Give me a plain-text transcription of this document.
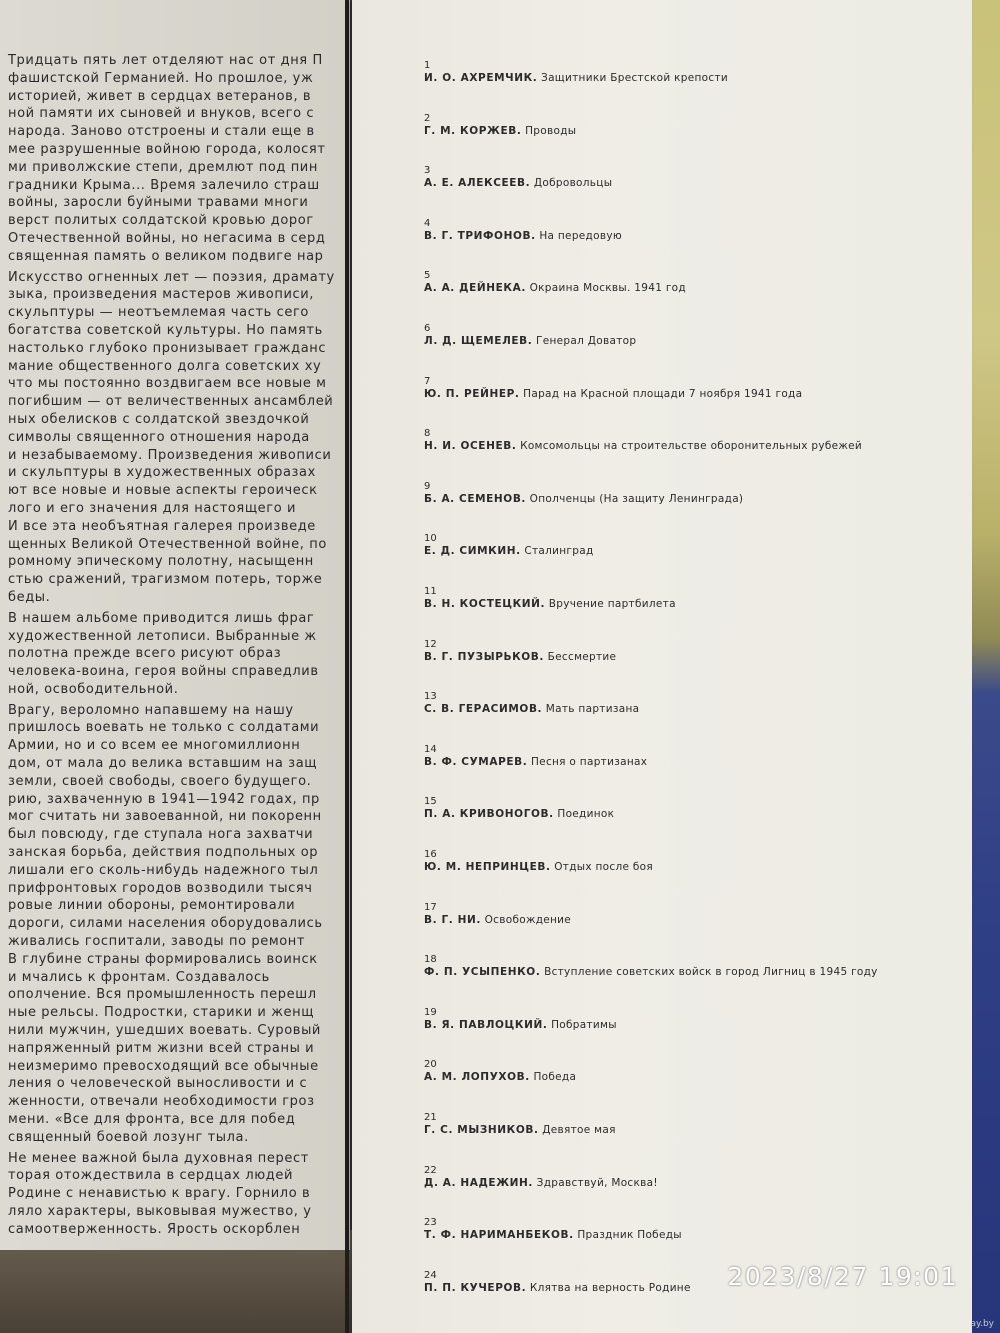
Тридцать пять лет отделяют нас от дня П
фашистской Германией. Но прошлое, уж
историей, живет в сердцах ветеранов, в
ной памяти их сыновей и внуков, всего с
народа. Заново отстроены и стали еще в
мее разрушенные войною города, колосят
ми приволжские степи, дремлют под пин
градники Крыма... Время залечило страш
войны, заросли буйными травами многи
верст политых солдатской кровью дорог
Отечественной войны, но негасима в серд
священная память о великом подвиге нар
Искусство огненных лет — поэзия, драмату
зыка, произведения мастеров живописи,
скульптуры — неотъемлемая часть сего
богатства советской культуры. Но память
настолько глубоко пронизывает гражданс
мание общественного долга советских ху
что мы постоянно воздвигаем все новые м
погибшим — от величественных ансамблей
ных обелисков с солдатской звездочкой
символы священного отношения народа
и незабываемому. Произведения живописи
и скульптуры в художественных образах
ют все новые и новые аспекты героическ
лого и его значения для настоящего и
И все эта необъятная галерея произведе
щенных Великой Отечественной войне, по
ромному эпическому полотну, насыщенн
стью сражений, трагизмом потерь, торже
беды.
В нашем альбоме приводится лишь фраг
художественной летописи. Выбранные ж
полотна прежде всего рисуют образ
человека-воина, героя войны справедлив
ной, освободительной.
Врагу, вероломно напавшему на нашу
пришлось воевать не только с солдатами
Армии, но и со всем ее многомиллионн
дом, от мала до велика вставшим на защ
земли, своей свободы, своего будущего.
рию, захваченную в 1941—1942 годах, пр
мог считать ни завоеванной, ни покоренн
был повсюду, где ступала нога захватчи
занская борьба, действия подпольных ор
лишали его сколь-нибудь надежного тыл
прифронтовых городов возводили тысяч
ровые линии обороны, ремонтировали
дороги, силами населения оборудовались
живались госпитали, заводы по ремонт
В глубине страны формировались воинск
и мчались к фронтам. Создавалось
ополчение. Вся промышленность перешл
ные рельсы. Подростки, старики и женщ
нили мужчин, ушедших воевать. Суровый
напряженный ритм жизни всей страны и
неизмеримо превосходящий все обычные
ления о человеческой выносливости и с
женности, отвечали необходимости гроз
мени. «Все для фронта, все для побед
священный боевой лозунг тыла.
Не менее важной была духовная перест
торая отождествила в сердцах людей
Родине с ненавистью к врагу. Горнило в
ляло характеры, выковывая мужество, у
самоотверженность. Ярость оскорблен
1
И. О. АХРЕМЧИК. Защитники Брестской крепости
2
Г. М. КОРЖЕВ. Проводы
3
А. Е. АЛЕКСЕЕВ. Добровольцы
4
В. Г. ТРИФОНОВ. На передовую
5
А. А. ДЕЙНЕКА. Окраина Москвы. 1941 год
6
Л. Д. ЩЕМЕЛЕВ. Генерал Доватор
7
Ю. П. РЕЙНЕР. Парад на Красной площади 7 ноября 1941 года
8
Н. И. ОСЕНЕВ. Комсомольцы на строительстве оборонительных рубежей
9
Б. А. СЕМЕНОВ. Ополченцы (На защиту Ленинграда)
10
Е. Д. СИМКИН. Сталинград
11
В. Н. КОСТЕЦКИЙ. Вручение партбилета
12
В. Г. ПУЗЫРЬКОВ. Бессмертие
13
С. В. ГЕРАСИМОВ. Мать партизана
14
В. Ф. СУМАРЕВ. Песня о партизанах
15
П. А. КРИВОНОГОВ. Поединок
16
Ю. М. НЕПРИНЦЕВ. Отдых после боя
17
В. Г. НИ. Освобождение
18
Ф. П. УСЫПЕНКО. Вступление советских войск в город Лигниц в 1945 году
19
В. Я. ПАВЛОЦКИЙ. Побратимы
20
А. М. ЛОПУХОВ. Победа
21
Г. С. МЫЗНИКОВ. Девятое мая
22
Д. А. НАДЕЖИН. Здравствуй, Москва!
23
Т. Ф. НАРИМАНБЕКОВ. Праздник Победы
24
П. П. КУЧЕРОВ. Клятва на верность Родине 2023/8/27 19:01
ay.by
